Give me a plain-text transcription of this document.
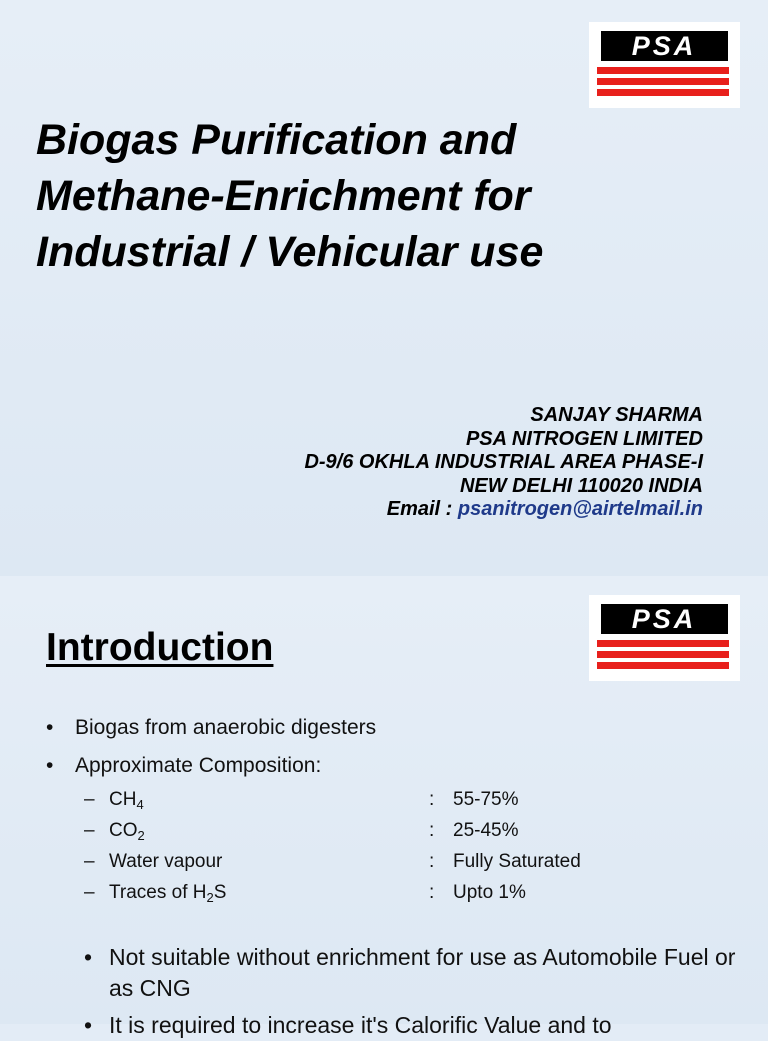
PSA
Biogas Purification and
Methane-Enrichment for
Industrial / Vehicular use
SANJAY SHARMA
PSA NITROGEN LIMITED
D-9/6 OKHLA INDUSTRIAL AREA PHASE-I
NEW DELHI 110020 INDIA
Email : psanitrogen@airtelmail.in
PSA
Introduction
• Biogas from anaerobic digesters
• Approximate Composition:
– $CH_4$	: 55-75%
– $CO_2$	: 25-45%
– Water vapour	: Fully Saturated
– Traces of $H_2S$	: Upto 1%
• Not suitable without enrichment for use as Automobile Fuel or as CNG
• It is required to increase it's Calorific Value and to
